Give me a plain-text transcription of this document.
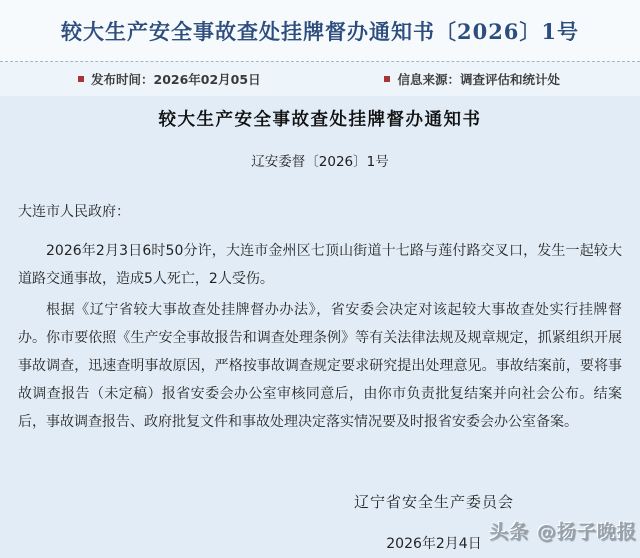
较大生产安全事故查处挂牌督办通知书〔2026〕1号
发布时间：2026年02月05日	信息来源：调查评估和统计处
较大生产安全事故查处挂牌督办通知书
辽安委督〔2026〕1号

大连市人民政府：

2026年2月3日6时50分许，大连市金州区七顶山街道十七路与莲付路交叉口，发生一起较大道路交通事故，造成5人死亡，2人受伤。

根据《辽宁省较大事故查处挂牌督办办法》，省安委会决定对该起较大事故查处实行挂牌督办。你市要依照《生产安全事故报告和调查处理条例》等有关法律法规及规章规定，抓紧组织开展事故调查，迅速查明事故原因，严格按事故调查规定要求研究提出处理意见。事故结案前，要将事故调查报告（未定稿）报省安委会办公室审核同意后，由你市负责批复结案并向社会公布。结案后，事故调查报告、政府批复文件和事故处理决定落实情况要及时报省安委会办公室备案。

辽宁省安全生产委员会
2026年2月4日
头条 @扬子晚报
